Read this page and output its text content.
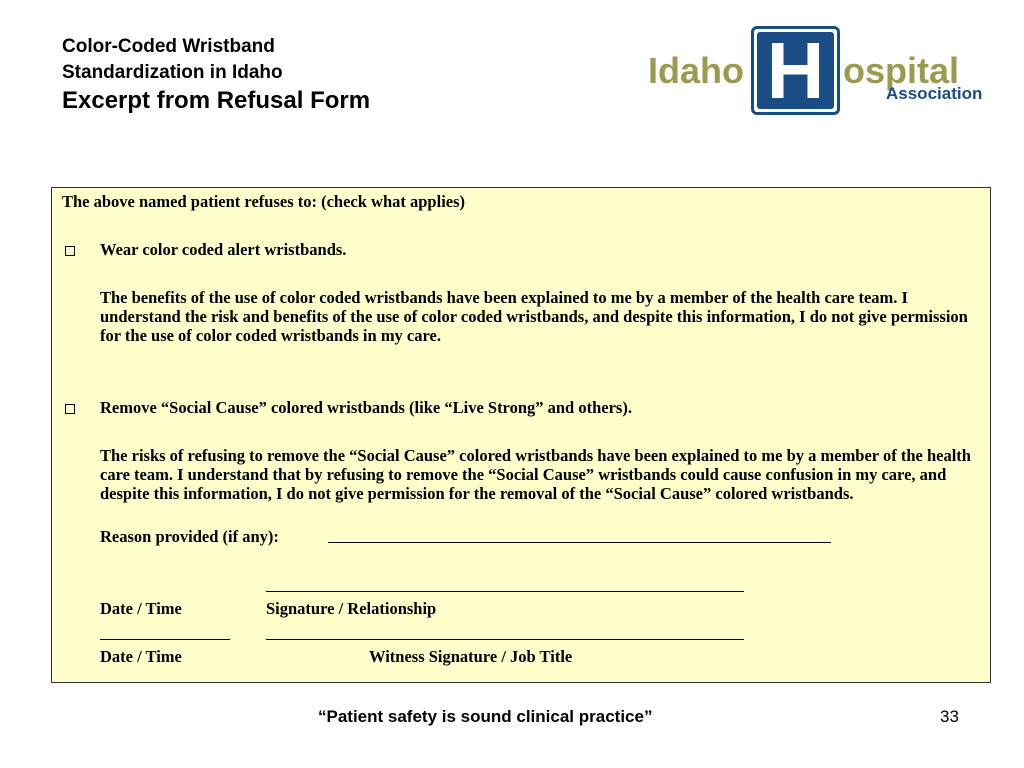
Color-Coded Wristband
Standardization in Idaho
Excerpt from Refusal Form
Idaho H ospital
Association
The above named patient refuses to: (check what applies)
Wear color coded alert wristbands.
The benefits of the use of color coded wristbands have been explained to me by a member of the health care team. I understand the risk and benefits of the use of color coded wristbands, and despite this information, I do not give permission for the use of color coded wristbands in my care.
Remove “Social Cause” colored wristbands (like “Live Strong” and others).
The risks of refusing to remove the “Social Cause” colored wristbands have been explained to me by a member of the health care team. I understand that by refusing to remove the “Social Cause” wristbands could cause confusion in my care, and despite this information, I do not give permission for the removal of the “Social Cause” colored wristbands.
Reason provided (if any):
Date / Time	Signature / Relationship
Date / Time	Witness Signature / Job Title
“Patient safety is sound clinical practice”	33
